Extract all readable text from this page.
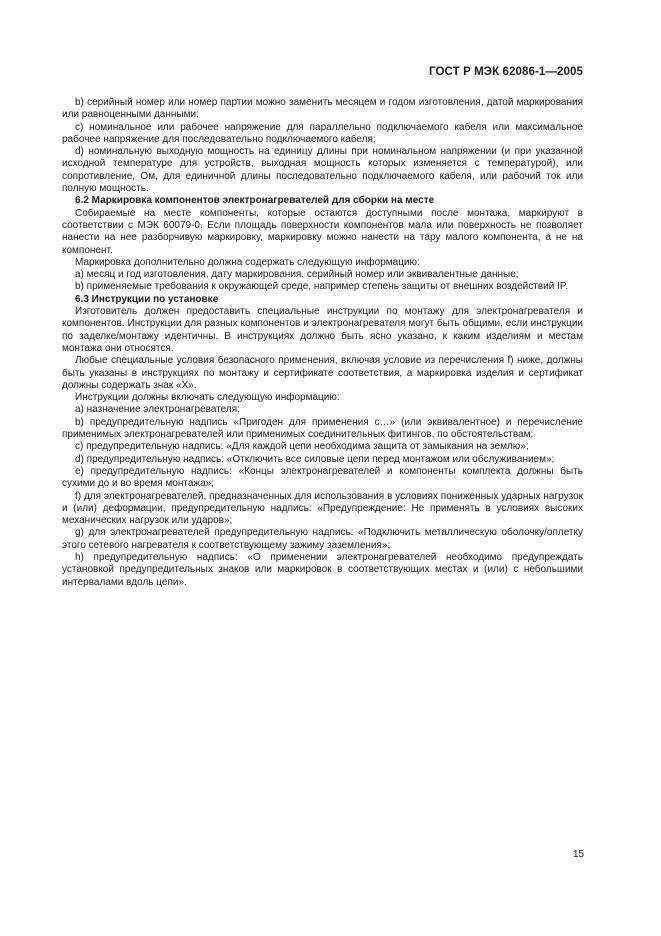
ГОСТ Р МЭК 62086-1—2005

b) серийный номер или номер партии можно заменить месяцем и годом изготовления, датой маркирования или равноценными данными;

c) номинальное или рабочее напряжение для параллельно подключаемого кабеля или максимальное рабочее напряжение для последовательно подключаемого кабеля;

d) номинальную выходную мощность на единицу длины при номинальном напряжении (и при указанной исходной температуре для устройств, выходная мощность которых изменяется с температурой), или сопротивление, Ом, для единичной длины последовательно подключаемого кабеля, или рабочий ток или полную мощность.

6.2 Маркировка компонентов электронагревателей для сборки на месте

Собираемые на месте компоненты, которые остаются доступными после монтажа, маркируют в соответствии с МЭК 60079-0. Если площадь поверхности компонентов мала или поверхность не позволяет нанести на нее разборчивую маркировку, маркировку можно нанести на тару малого компонента, а не на компонент.

Маркировка дополнительно должна содержать следующую информацию:

a) месяц и год изготовления, дату маркирования, серийный номер или эквивалентные данные;

b) применяемые требования к окружающей среде, например степень защиты от внешних воздействий IP.

6.3 Инструкции по установке

Изготовитель должен предоставить специальные инструкции по монтажу для электронагревателя и компонентов. Инструкции для разных компонентов и электронагревателя могут быть общими, если инструкции по заделке/монтажу идентичны. В инструкциях должно быть ясно указано, к каким изделиям и местам монтажа они относятся.

Любые специальные условия безопасного применения, включая условие из перечисления f) ниже, должны быть указаны в инструкциях по монтажу и сертификате соответствия, а маркировка изделия и сертификат должны содержать знак «X».

Инструкции должны включать следующую информацию:

a) назначение электронагревателя;

b) предупредительную надпись «Пригоден для применения с…» (или эквивалентное) и перечисление применимых электронагревателей или применимых соединительных фитингов, по обстоятельствам;

c) предупредительную надпись: «Для каждой цепи необходима защита от замыкания на землю»;

d) предупредительную надпись: «Отключить все силовые цепи перед монтажом или обслуживанием»;

e) предупредительную надпись: «Концы электронагревателей и компоненты комплекта должны быть сухими до и во время монтажа»;

f) для электронагревателей, предназначенных для использования в условиях пониженных ударных нагрузок и (или) деформации, предупредительную надпись: «Предупреждение: Не применять в условиях высоких механических нагрузок или ударов»;

g) для электронагревателей предупредительную надпись: «Подключить металлическую оболочку/оплетку этого сетевого нагревателя к соответствующему зажиму заземления»;

h) предупредительную надпись: «О применении электронагревателей необходимо предупреждать установкой предупредительных знаков или маркировок в соответствующих местах и (или) с небольшими интервалами вдоль цепи».

15
